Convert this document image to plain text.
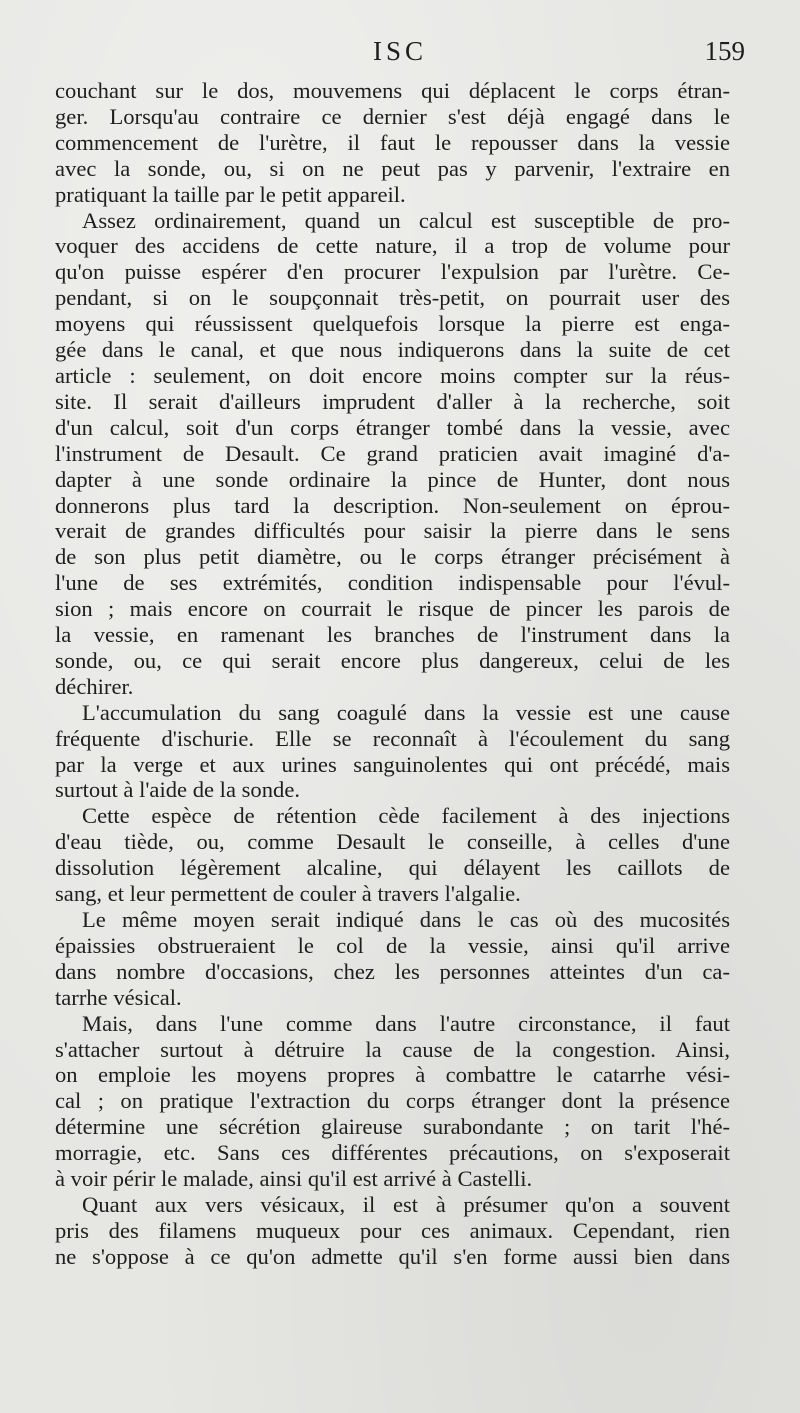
ISC	159
couchant sur le dos, mouvemens qui déplacent le corps étran-
ger. Lorsqu'au contraire ce dernier s'est déjà engagé dans le
commencement de l'urètre, il faut le repousser dans la vessie
avec la sonde, ou, si on ne peut pas y parvenir, l'extraire en
pratiquant la taille par le petit appareil.
Assez ordinairement, quand un calcul est susceptible de pro-
voquer des accidens de cette nature, il a trop de volume pour
qu'on puisse espérer d'en procurer l'expulsion par l'urètre. Ce-
pendant, si on le soupçonnait très-petit, on pourrait user des
moyens qui réussissent quelquefois lorsque la pierre est enga-
gée dans le canal, et que nous indiquerons dans la suite de cet
article : seulement, on doit encore moins compter sur la réus-
site. Il serait d'ailleurs imprudent d'aller à la recherche, soit
d'un calcul, soit d'un corps étranger tombé dans la vessie, avec
l'instrument de Desault. Ce grand praticien avait imaginé d'a-
dapter à une sonde ordinaire la pince de Hunter, dont nous
donnerons plus tard la description. Non-seulement on éprou-
verait de grandes difficultés pour saisir la pierre dans le sens
de son plus petit diamètre, ou le corps étranger précisément à
l'une de ses extrémités, condition indispensable pour l'évul-
sion ; mais encore on courrait le risque de pincer les parois de
la vessie, en ramenant les branches de l'instrument dans la
sonde, ou, ce qui serait encore plus dangereux, celui de les
déchirer.
L'accumulation du sang coagulé dans la vessie est une cause
fréquente d'ischurie. Elle se reconnaît à l'écoulement du sang
par la verge et aux urines sanguinolentes qui ont précédé, mais
surtout à l'aide de la sonde.
Cette espèce de rétention cède facilement à des injections
d'eau tiède, ou, comme Desault le conseille, à celles d'une
dissolution légèrement alcaline, qui délayent les caillots de
sang, et leur permettent de couler à travers l'algalie.
Le même moyen serait indiqué dans le cas où des mucosités
épaissies obstrueraient le col de la vessie, ainsi qu'il arrive
dans nombre d'occasions, chez les personnes atteintes d'un ca-
tarrhe vésical.
Mais, dans l'une comme dans l'autre circonstance, il faut
s'attacher surtout à détruire la cause de la congestion. Ainsi,
on emploie les moyens propres à combattre le catarrhe vési-
cal ; on pratique l'extraction du corps étranger dont la présence
détermine une sécrétion glaireuse surabondante ; on tarit l'hé-
morragie, etc. Sans ces différentes précautions, on s'exposerait
à voir périr le malade, ainsi qu'il est arrivé à Castelli.
Quant aux vers vésicaux, il est à présumer qu'on a souvent
pris des filamens muqueux pour ces animaux. Cependant, rien
ne s'oppose à ce qu'on admette qu'il s'en forme aussi bien dans
